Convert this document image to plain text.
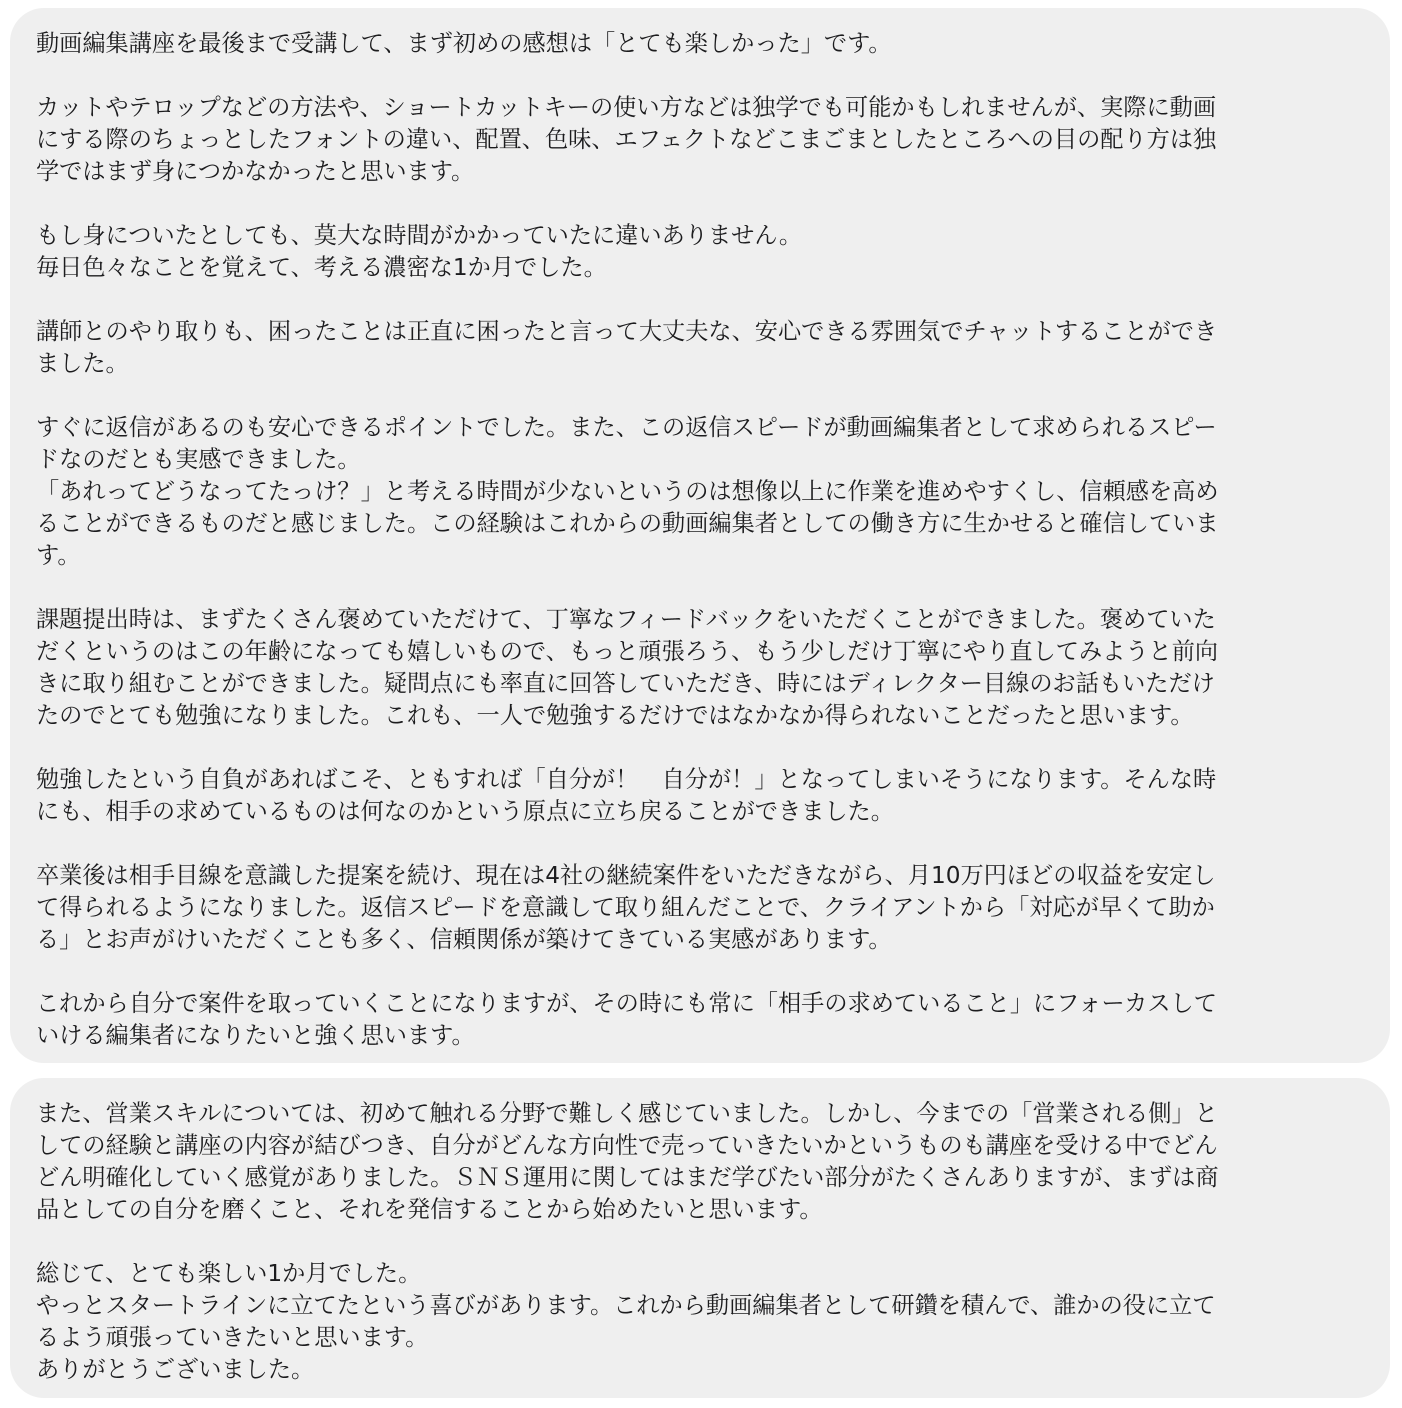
動画編集講座を最後まで受講して、まず初めの感想は「とても楽しかった」です。
カットやテロップなどの方法や、ショートカットキーの使い方などは独学でも可能かもしれませんが、実際に動画
にする際のちょっとしたフォントの違い、配置、色味、エフェクトなどこまごまとしたところへの目の配り方は独
学ではまず身につかなかったと思います。
もし身についたとしても、莫大な時間がかかっていたに違いありません。
毎日色々なことを覚えて、考える濃密な1か月でした。
講師とのやり取りも、困ったことは正直に困ったと言って大丈夫な、安心できる雰囲気でチャットすることができ
ました。
すぐに返信があるのも安心できるポイントでした。また、この返信スピードが動画編集者として求められるスピー
ドなのだとも実感できました。
「あれってどうなってたっけ？」と考える時間が少ないというのは想像以上に作業を進めやすくし、信頼感を高め
ることができるものだと感じました。この経験はこれからの動画編集者としての働き方に生かせると確信していま
す。
課題提出時は、まずたくさん褒めていただけて、丁寧なフィードバックをいただくことができました。褒めていた
だくというのはこの年齢になっても嬉しいもので、もっと頑張ろう、もう少しだけ丁寧にやり直してみようと前向
きに取り組むことができました。疑問点にも率直に回答していただき、時にはディレクター目線のお話もいただけ
たのでとても勉強になりました。これも、一人で勉強するだけではなかなか得られないことだったと思います。
勉強したという自負があればこそ、ともすれば「自分が！　自分が！」となってしまいそうになります。そんな時
にも、相手の求めているものは何なのかという原点に立ち戻ることができました。
卒業後は相手目線を意識した提案を続け、現在は4社の継続案件をいただきながら、月10万円ほどの収益を安定し
て得られるようになりました。返信スピードを意識して取り組んだことで、クライアントから「対応が早くて助か
る」とお声がけいただくことも多く、信頼関係が築けてきている実感があります。
これから自分で案件を取っていくことになりますが、その時にも常に「相手の求めていること」にフォーカスして
いける編集者になりたいと強く思います。
また、営業スキルについては、初めて触れる分野で難しく感じていました。しかし、今までの「営業される側」と
しての経験と講座の内容が結びつき、自分がどんな方向性で売っていきたいかというものも講座を受ける中でどん
どん明確化していく感覚がありました。ＳＮＳ運用に関してはまだ学びたい部分がたくさんありますが、まずは商
品としての自分を磨くこと、それを発信することから始めたいと思います。
総じて、とても楽しい1か月でした。
やっとスタートラインに立てたという喜びがあります。これから動画編集者として研鑽を積んで、誰かの役に立て
るよう頑張っていきたいと思います。
ありがとうございました。
